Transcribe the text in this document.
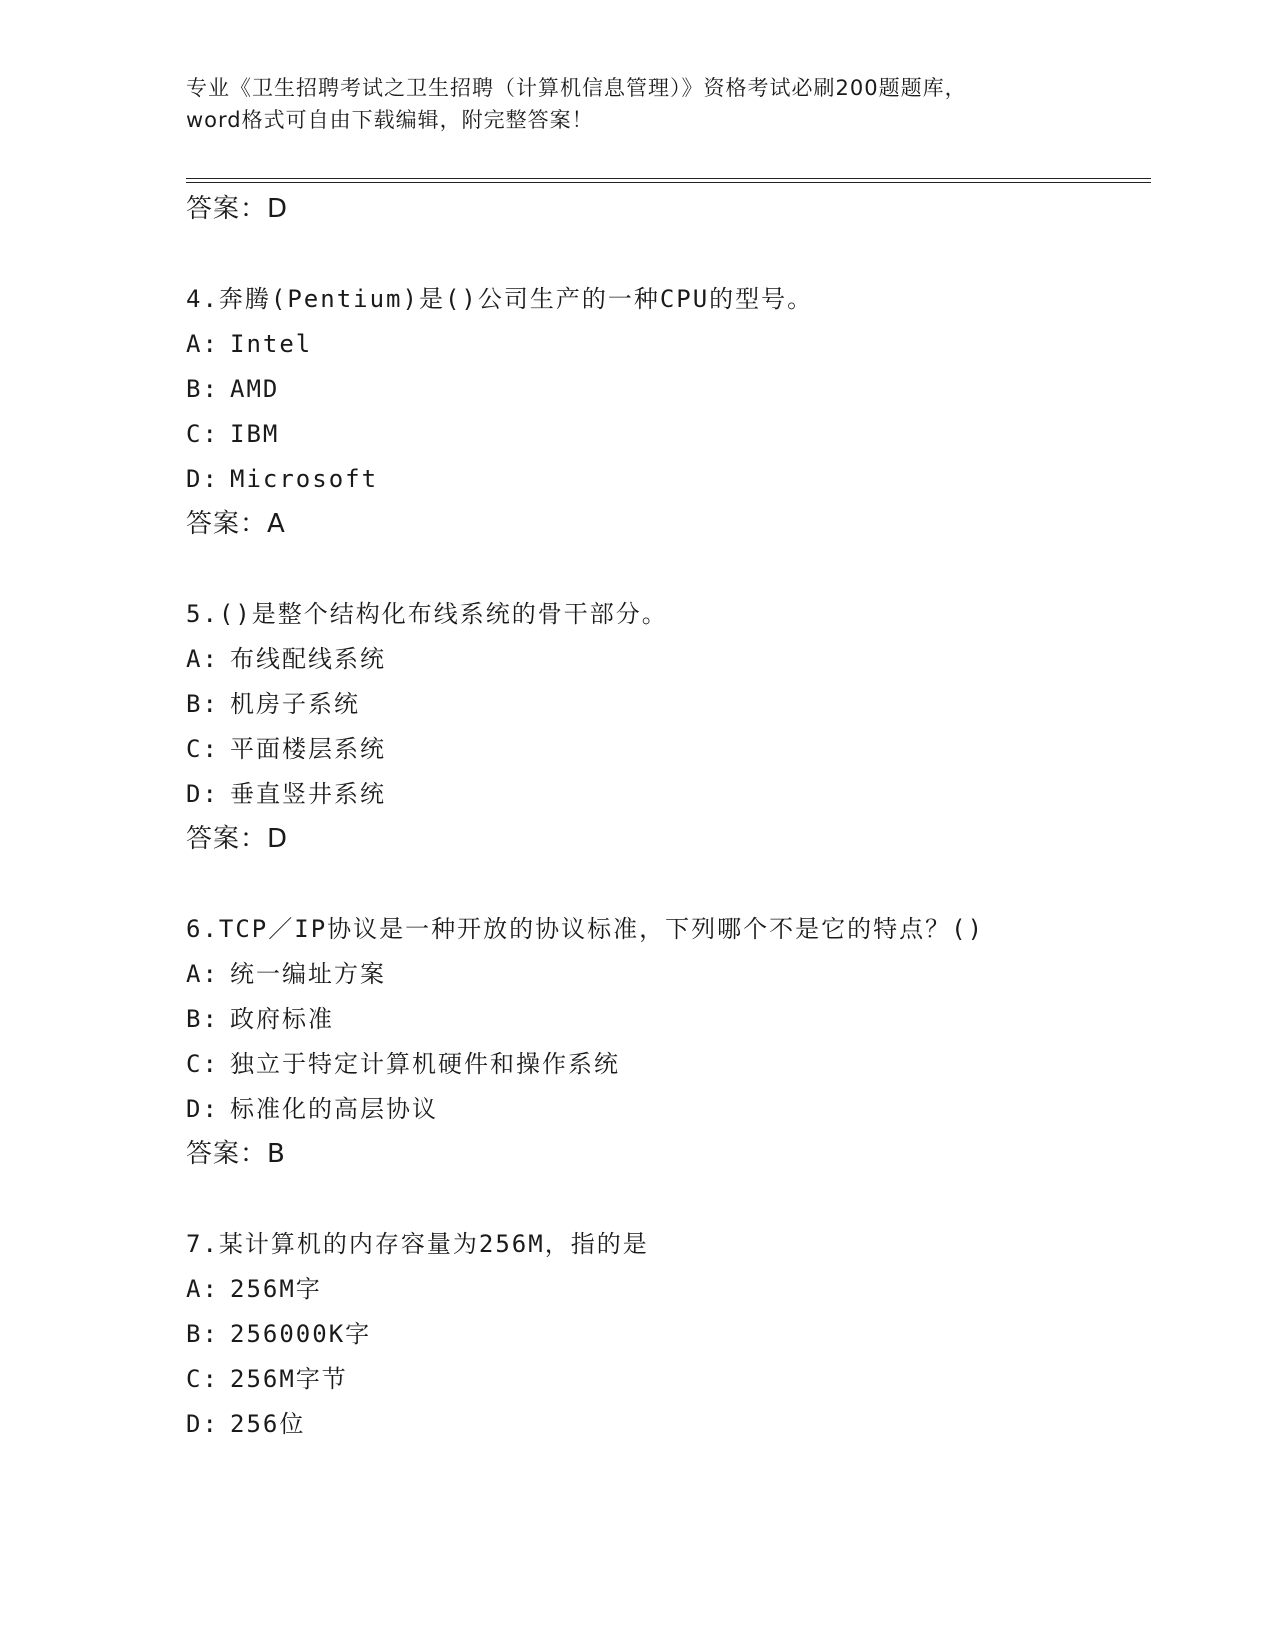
专业《卫生招聘考试之卫生招聘（计算机信息管理）》资格考试必刷200题题库，
word格式可自由下载编辑，附完整答案！
答案：D
4.奔腾(Pentium)是()公司生产的一种CPU的型号。
A: Intel
B: AMD
C: IBM
D: Microsoft
答案：A
5.()是整个结构化布线系统的骨干部分。
A: 布线配线系统
B: 机房子系统
C: 平面楼层系统
D: 垂直竖井系统
答案：D
6.TCP／IP协议是一种开放的协议标准，下列哪个不是它的特点？()
A: 统一编址方案
B: 政府标准
C: 独立于特定计算机硬件和操作系统
D: 标准化的高层协议
答案：B
7.某计算机的内存容量为256M，指的是
A: 256M字
B: 256000K字
C: 256M字节
D: 256位
